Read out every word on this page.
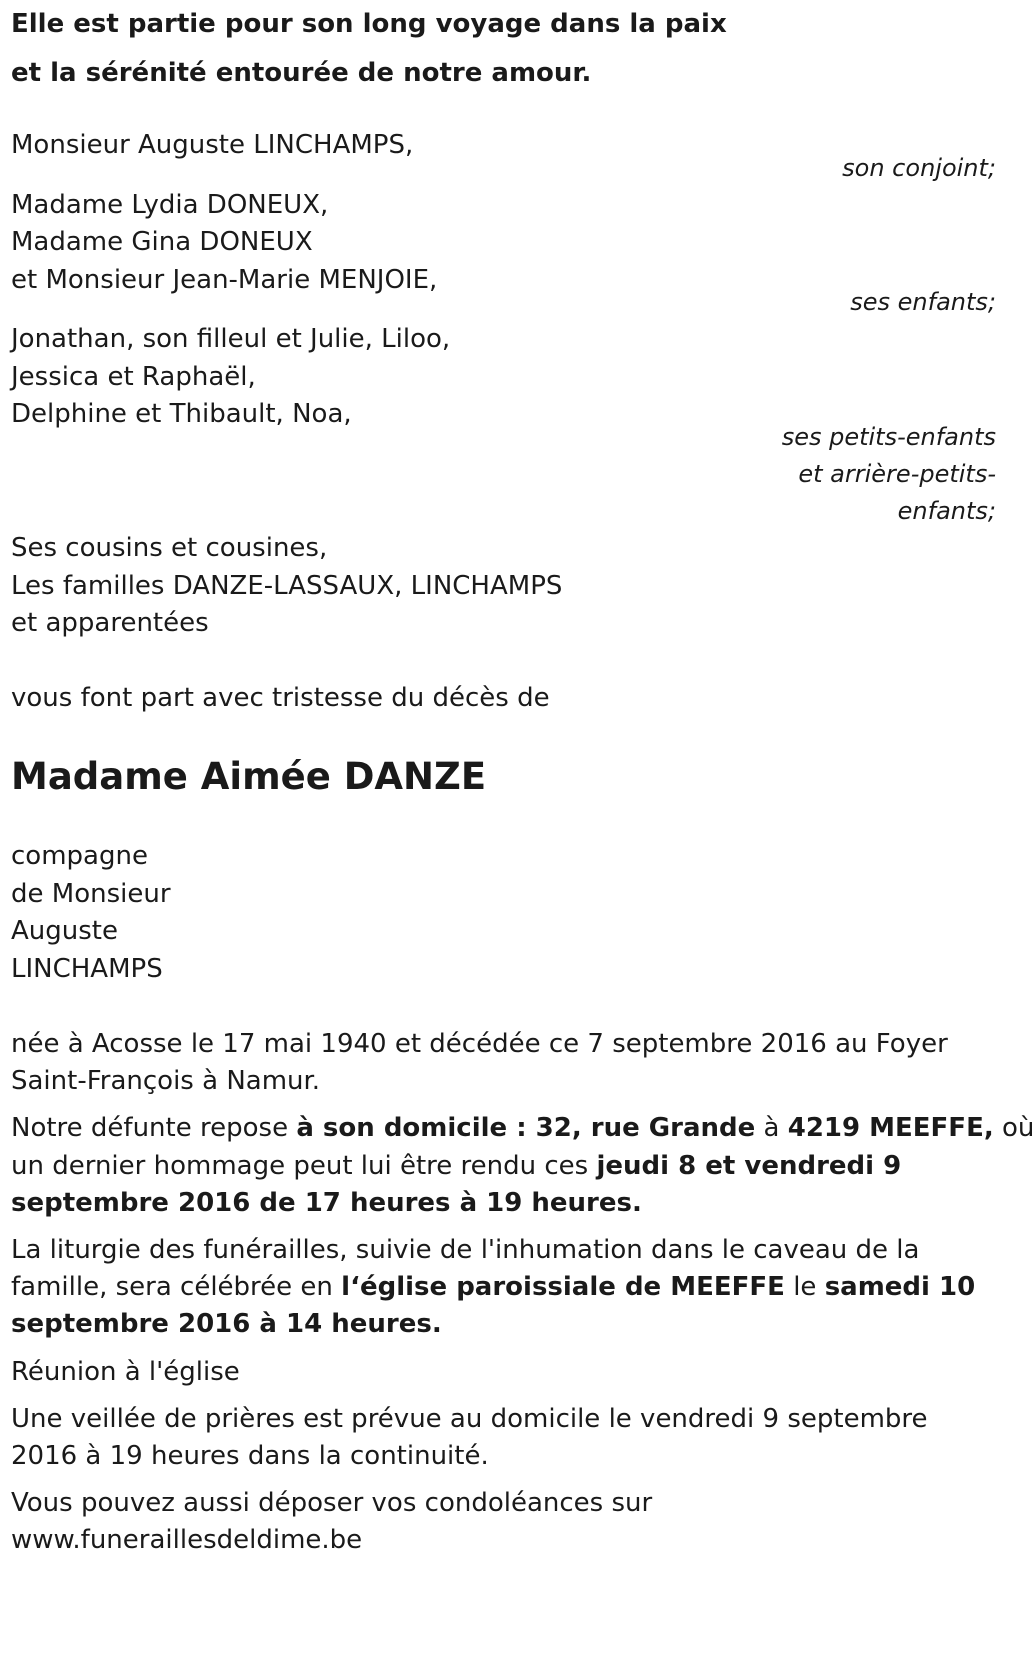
Elle est partie pour son long voyage dans la paix
et la sérénité entourée de notre amour.
Monsieur Auguste LINCHAMPS,
son conjoint;
Madame Lydia DONEUX,
Madame Gina DONEUX
et Monsieur Jean-Marie MENJOIE,
ses enfants;
Jonathan, son filleul et Julie, Liloo,
Jessica et Raphaël,
Delphine et Thibault, Noa,
ses petits-enfants
et arrière-petits-
enfants;
Ses cousins et cousines,
Les familles DANZE-LASSAUX, LINCHAMPS
et apparentées
vous font part avec tristesse du décès de
Madame Aimée DANZE
compagne
de Monsieur
Auguste
LINCHAMPS
née à Acosse le 17 mai 1940 et décédée ce 7 septembre 2016 au Foyer
Saint-François à Namur.
Notre défunte repose à son domicile : 32, rue Grande à 4219 MEEFFE, où
un dernier hommage peut lui être rendu ces jeudi 8 et vendredi 9
septembre 2016 de 17 heures à 19 heures.
La liturgie des funérailles, suivie de l'inhumation dans le caveau de la
famille, sera célébrée en l‘église paroissiale de MEEFFE le samedi 10
septembre 2016 à 14 heures.
Réunion à l'église
Une veillée de prières est prévue au domicile le vendredi 9 septembre
2016 à 19 heures dans la continuité.
Vous pouvez aussi déposer vos condoléances sur
www.funeraillesdeldime.be
